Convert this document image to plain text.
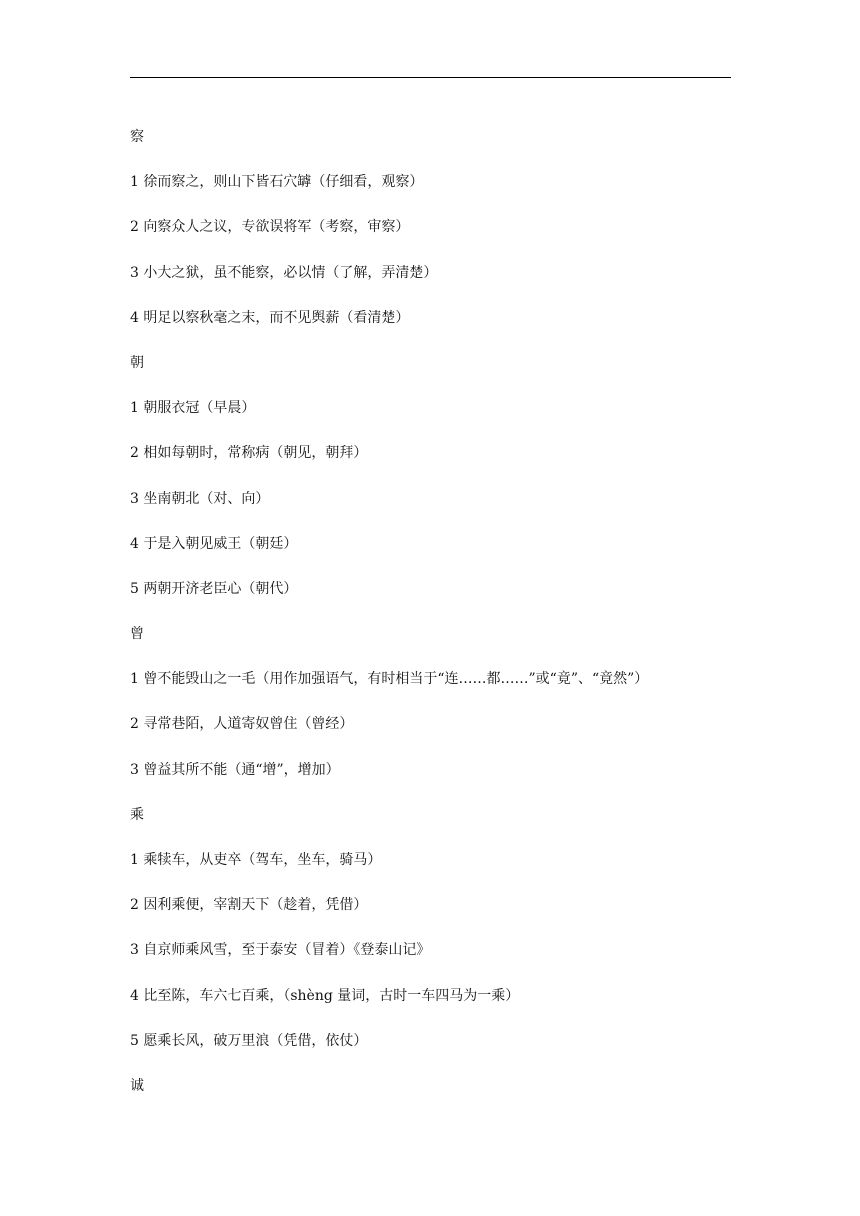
察
1 徐而察之，则山下皆石穴罅（仔细看，观察）
2 向察众人之议，专欲误将军（考察，审察）
3 小大之狱，虽不能察，必以情（了解，弄清楚）
4 明足以察秋毫之末，而不见舆薪（看清楚）
朝
1 朝服衣冠（早晨）
2 相如每朝时，常称病（朝见，朝拜）
3 坐南朝北（对、向）
4 于是入朝见威王（朝廷）
5 两朝开济老臣心（朝代）
曾
1 曾不能毁山之一毛（用作加强语气，有时相当于“连……都……”或“竟”、“竟然”）
2 寻常巷陌，人道寄奴曾住（曾经）
3 曾益其所不能（通“增”，增加）
乘
1 乘犊车，从吏卒（驾车，坐车，骑马）
2 因利乘便，宰割天下（趁着，凭借）
3 自京师乘风雪，至于泰安（冒着）《登泰山记》
4 比至陈，车六七百乘，（shèng 量词，古时一车四马为一乘）
5 愿乘长风，破万里浪（凭借，依仗）
诚
